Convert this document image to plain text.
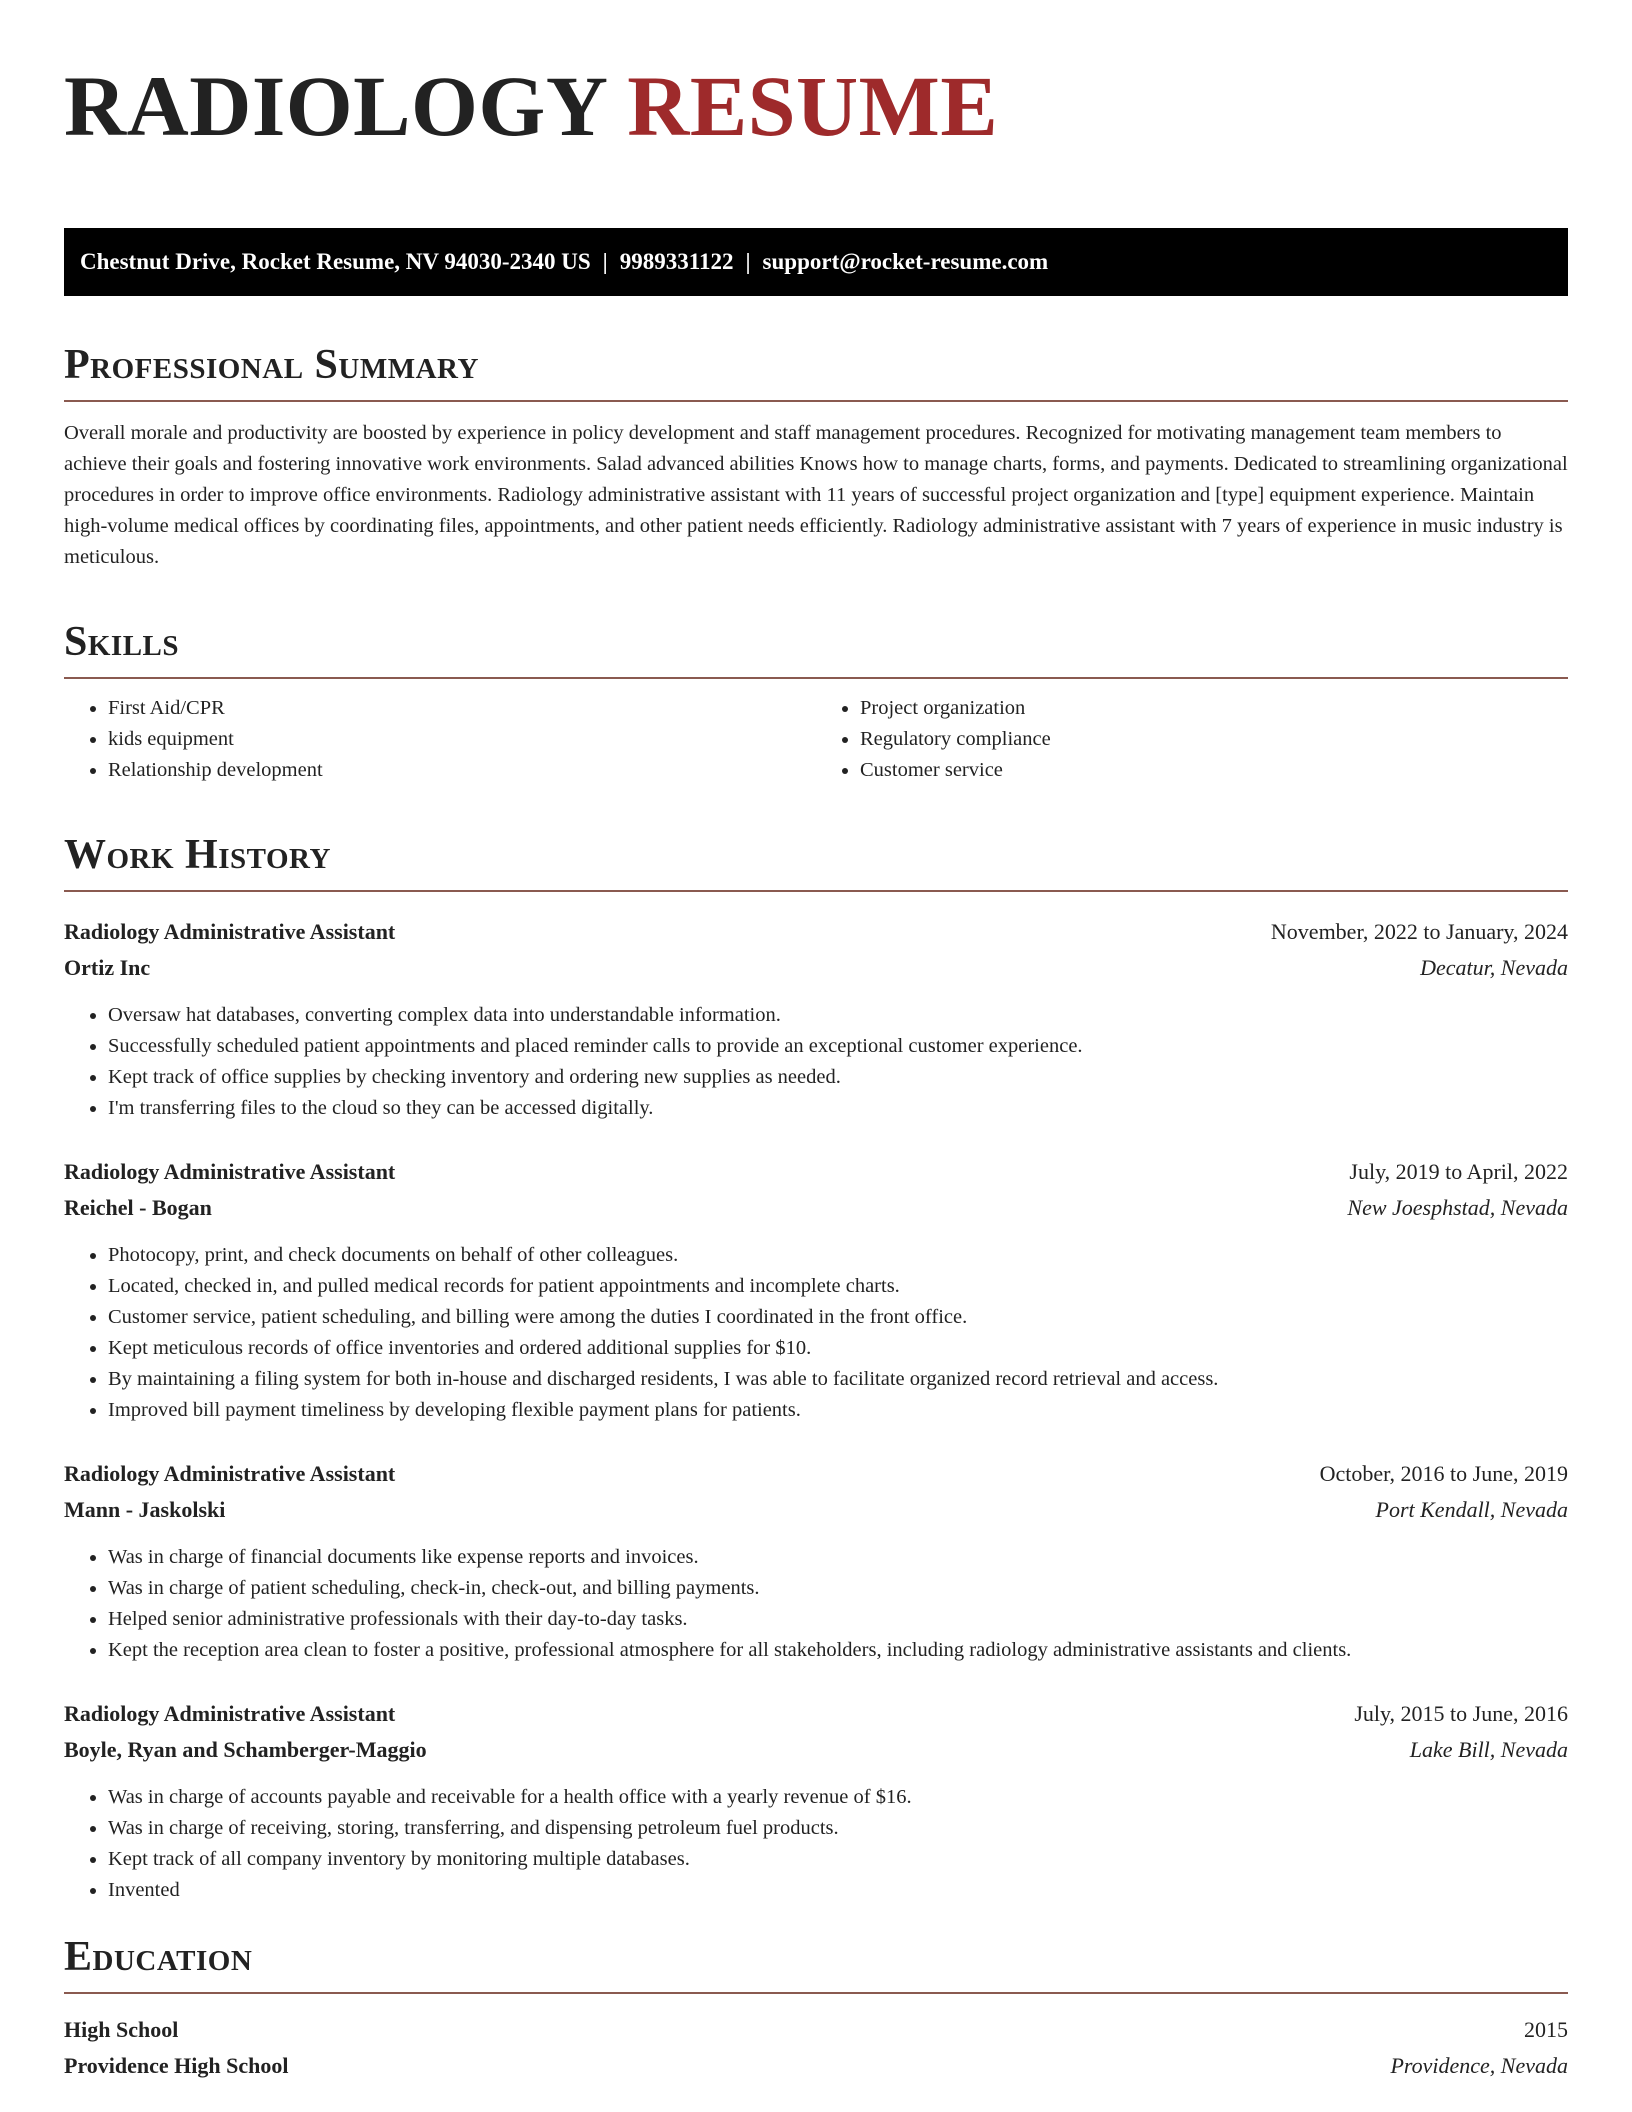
RADIOLOGY RESUME
Chestnut Drive, Rocket Resume, NV 94030-2340 US | 9989331122 | support@rocket-resume.com
Professional Summary
Overall morale and productivity are boosted by experience in policy development and staff management procedures. Recognized for motivating management team members to achieve their goals and fostering innovative work environments. Salad advanced abilities Knows how to manage charts, forms, and payments. Dedicated to streamlining organizational procedures in order to improve office environments. Radiology administrative assistant with 11 years of successful project organization and [type] equipment experience. Maintain high-volume medical offices by coordinating files, appointments, and other patient needs efficiently. Radiology administrative assistant with 7 years of experience in music industry is meticulous.
Skills
• First Aid/CPR
• kids equipment
• Relationship development
• Project organization
• Regulatory compliance
• Customer service
Work History
Radiology Administrative Assistant	November, 2022 to January, 2024
Ortiz Inc	Decatur, Nevada
• Oversaw hat databases, converting complex data into understandable information.
• Successfully scheduled patient appointments and placed reminder calls to provide an exceptional customer experience.
• Kept track of office supplies by checking inventory and ordering new supplies as needed.
• I'm transferring files to the cloud so they can be accessed digitally.
Radiology Administrative Assistant	July, 2019 to April, 2022
Reichel - Bogan	New Joesphstad, Nevada
• Photocopy, print, and check documents on behalf of other colleagues.
• Located, checked in, and pulled medical records for patient appointments and incomplete charts.
• Customer service, patient scheduling, and billing were among the duties I coordinated in the front office.
• Kept meticulous records of office inventories and ordered additional supplies for $10.
• By maintaining a filing system for both in-house and discharged residents, I was able to facilitate organized record retrieval and access.
• Improved bill payment timeliness by developing flexible payment plans for patients.
Radiology Administrative Assistant	October, 2016 to June, 2019
Mann - Jaskolski	Port Kendall, Nevada
• Was in charge of financial documents like expense reports and invoices.
• Was in charge of patient scheduling, check-in, check-out, and billing payments.
• Helped senior administrative professionals with their day-to-day tasks.
• Kept the reception area clean to foster a positive, professional atmosphere for all stakeholders, including radiology administrative assistants and clients.
Radiology Administrative Assistant	July, 2015 to June, 2016
Boyle, Ryan and Schamberger-Maggio	Lake Bill, Nevada
• Was in charge of accounts payable and receivable for a health office with a yearly revenue of $16.
• Was in charge of receiving, storing, transferring, and dispensing petroleum fuel products.
• Kept track of all company inventory by monitoring multiple databases.
• Invented
Education
High School	2015
Providence High School	Providence, Nevada
